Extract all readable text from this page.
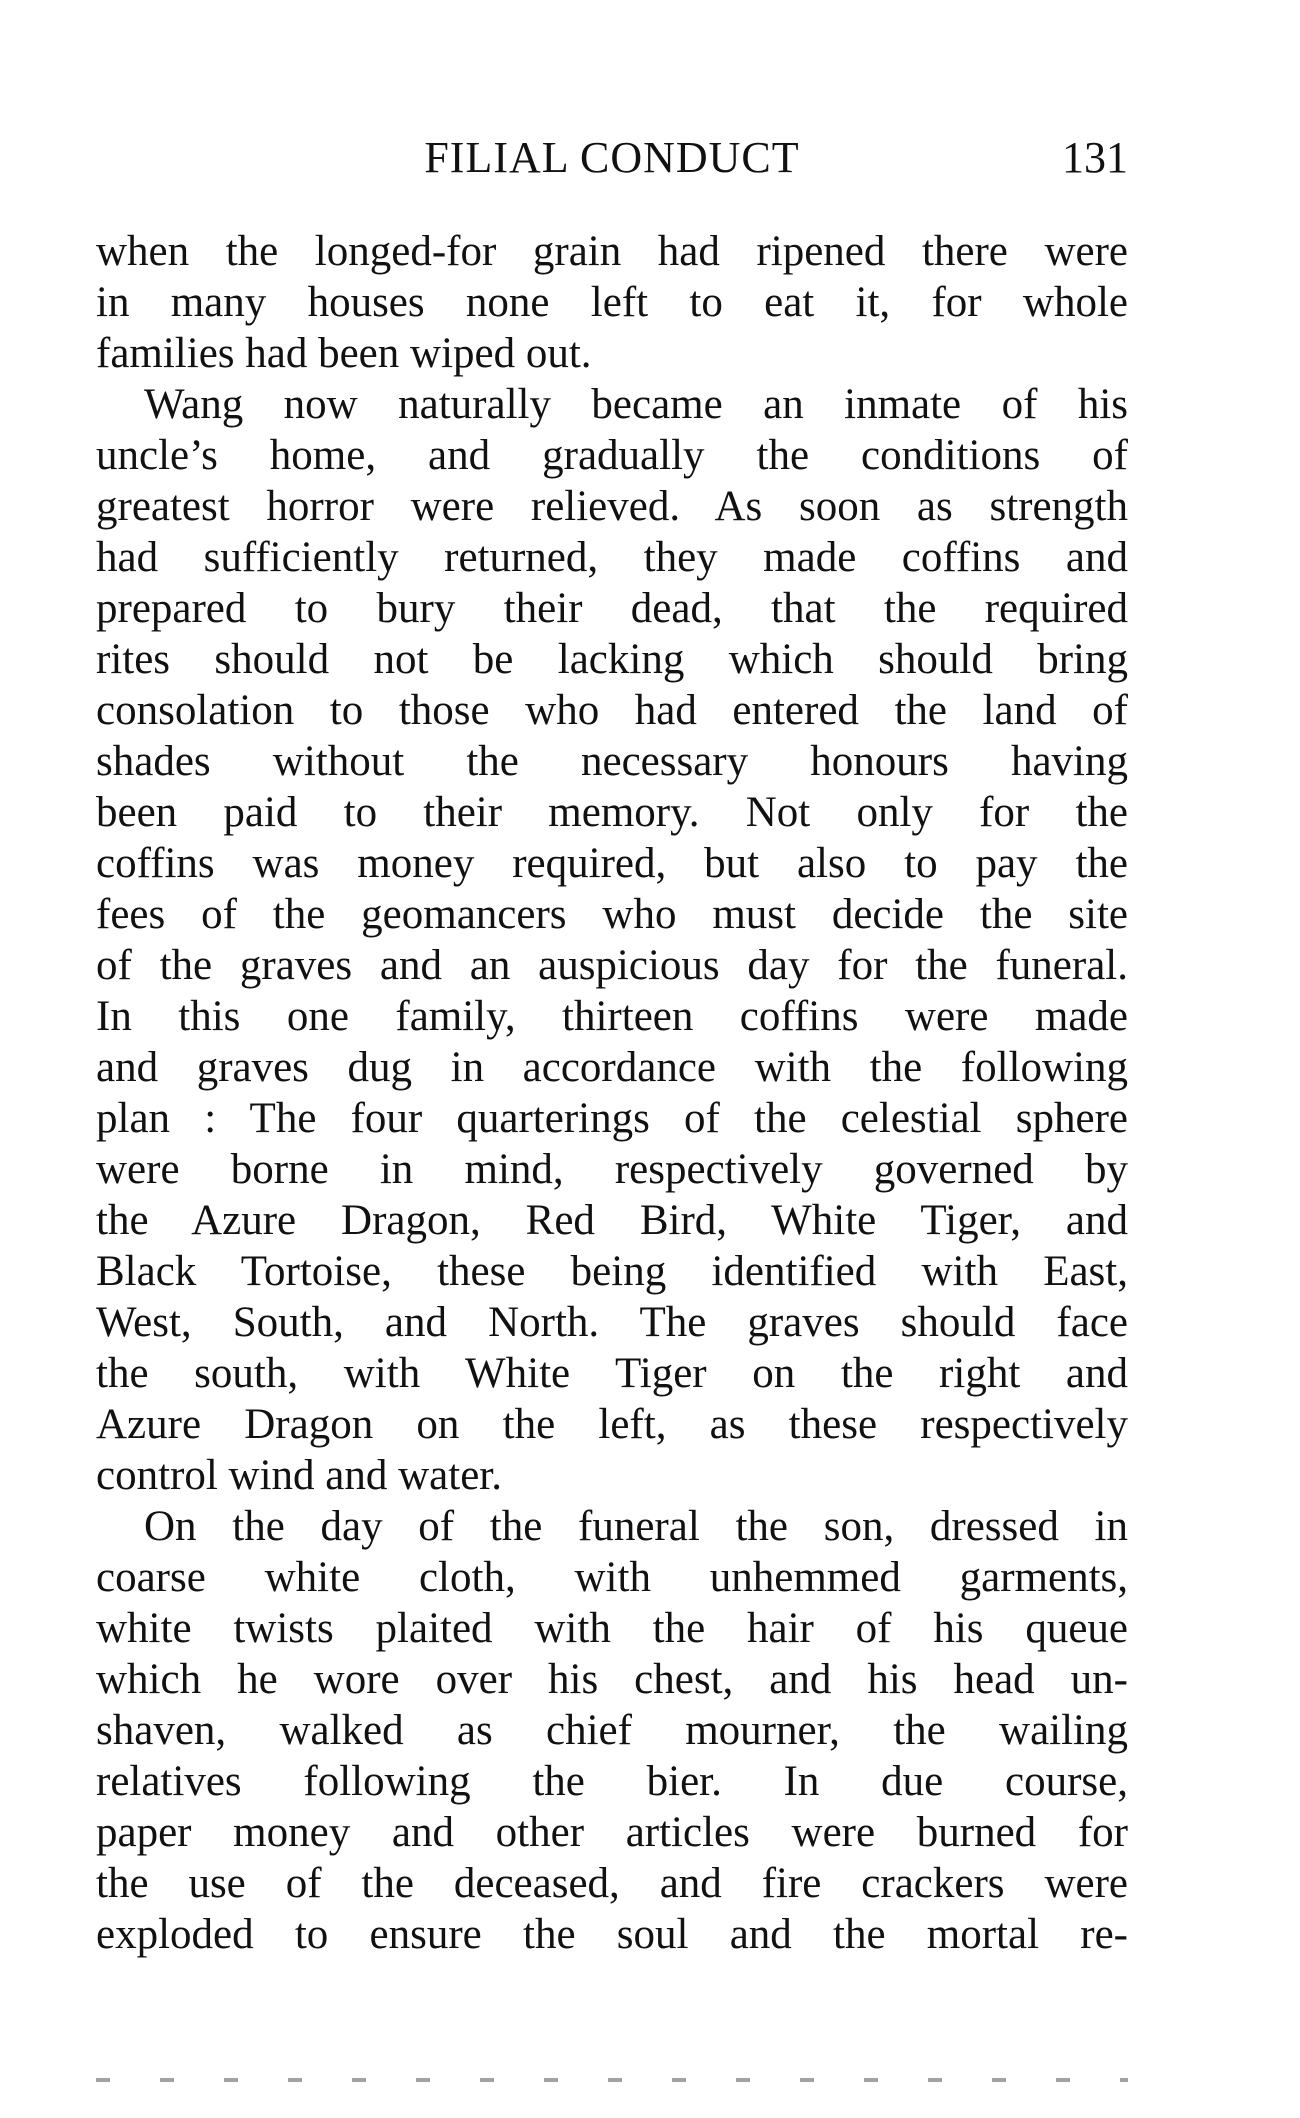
FILIAL CONDUCT	131
when the longed-for grain had ripened there were
in many houses none left to eat it, for whole
families had been wiped out.
Wang now naturally became an inmate of his
uncle’s home, and gradually the conditions of
greatest horror were relieved. As soon as strength
had sufficiently returned, they made coffins and
prepared to bury their dead, that the required
rites should not be lacking which should bring
consolation to those who had entered the land of
shades without the necessary honours having
been paid to their memory. Not only for the
coffins was money required, but also to pay the
fees of the geomancers who must decide the site
of the graves and an auspicious day for the funeral.
In this one family, thirteen coffins were made
and graves dug in accordance with the following
plan : The four quarterings of the celestial sphere
were borne in mind, respectively governed by
the Azure Dragon, Red Bird, White Tiger, and
Black Tortoise, these being identified with East,
West, South, and North. The graves should face
the south, with White Tiger on the right and
Azure Dragon on the left, as these respectively
control wind and water.
On the day of the funeral the son, dressed in
coarse white cloth, with unhemmed garments,
white twists plaited with the hair of his queue
which he wore over his chest, and his head un-
shaven, walked as chief mourner, the wailing
relatives following the bier. In due course,
paper money and other articles were burned for
the use of the deceased, and fire crackers were
exploded to ensure the soul and the mortal re-
